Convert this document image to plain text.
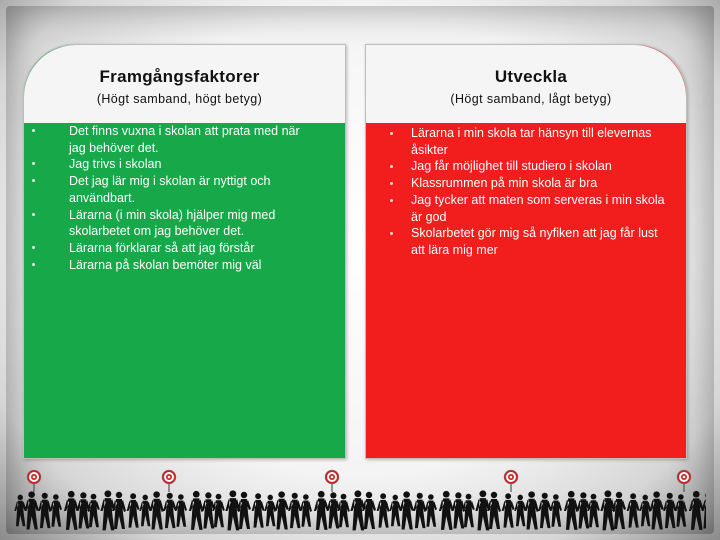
Framgångsfaktorer
(Högt samband, högt betyg)
Det finns vuxna i skolan att prata med när jag behöver det.
Jag trivs i skolan
Det jag lär mig i skolan är nyttigt och användbart.
Lärarna (i min skola) hjälper mig med skolarbetet om jag behöver det.
Lärarna förklarar så att jag förstår
Lärarna på skolan bemöter mig väl
Utveckla
(Högt samband, lågt betyg)
Lärarna i min skola tar hänsyn till elevernas åsikter
Jag får möjlighet till studiero i skolan
Klassrummen på min skola är bra
Jag tycker att maten som serveras i min skola är god
Skolarbetet gör mig så nyfiken att jag får lust att lära mig mer
